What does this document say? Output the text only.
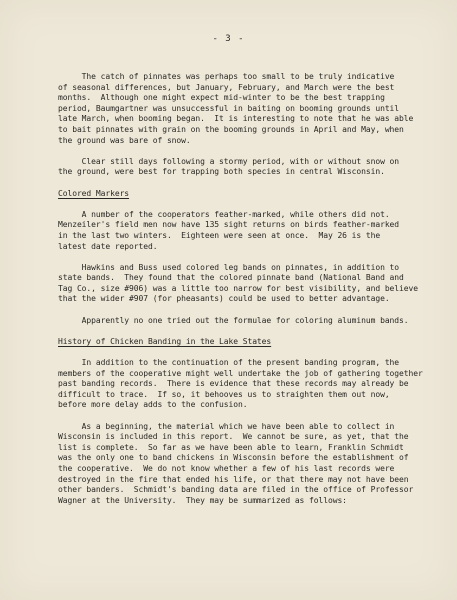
- 3 -
The catch of pinnates was perhaps too small to be truly indicative
of seasonal differences, but January, February, and March were the best
months.  Although one might expect mid-winter to be the best trapping
period, Baumgartner was unsuccessful in baiting on booming grounds until
late March, when booming began.  It is interesting to note that he was able
to bait pinnates with grain on the booming grounds in April and May, when
the ground was bare of snow.
Clear still days following a stormy period, with or without snow on
the ground, were best for trapping both species in central Wisconsin.
Colored Markers
A number of the cooperators feather-marked, while others did not.
Menzeiler's field men now have 135 sight returns on birds feather-marked
in the last two winters.  Eighteen were seen at once.  May 26 is the
latest date reported.
Hawkins and Buss used colored leg bands on pinnates, in addition to
state bands.  They found that the colored pinnate band (National Band and
Tag Co., size #906) was a little too narrow for best visibility, and believe
that the wider #907 (for pheasants) could be used to better advantage.
Apparently no one tried out the formulae for coloring aluminum bands.
History of Chicken Banding in the Lake States
In addition to the continuation of the present banding program, the
members of the cooperative might well undertake the job of gathering together
past banding records.  There is evidence that these records may already be
difficult to trace.  If so, it behooves us to straighten them out now,
before more delay adds to the confusion.
As a beginning, the material which we have been able to collect in
Wisconsin is included in this report.  We cannot be sure, as yet, that the
list is complete.  So far as we have been able to learn, Franklin Schmidt
was the only one to band chickens in Wisconsin before the establishment of
the cooperative.  We do not know whether a few of his last records were
destroyed in the fire that ended his life, or that there may not have been
other banders.  Schmidt's banding data are filed in the office of Professor
Wagner at the University.  They may be summarized as follows:
